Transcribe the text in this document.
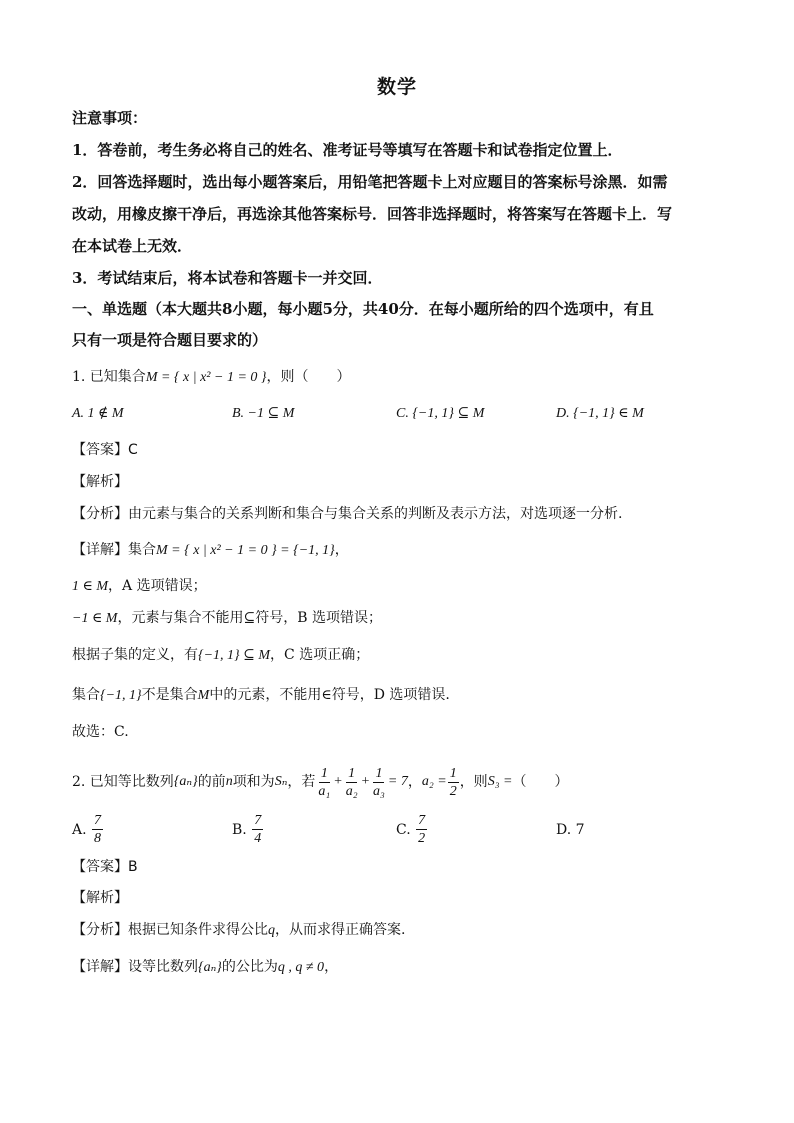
数学
注意事项：
1．答卷前，考生务必将自己的姓名、准考证号等填写在答题卡和试卷指定位置上．
2．回答选择题时，选出每小题答案后，用铅笔把答题卡上对应题目的答案标号涂黑．如需
改动，用橡皮擦干净后，再选涂其他答案标号．回答非选择题时，将答案写在答题卡上．写
在本试卷上无效．
3．考试结束后，将本试卷和答题卡一并交回．
一、单选题（本大题共8小题，每小题5分，共40分．在每小题所给的四个选项中，有且
只有一项是符合题目要求的）
1. 已知集合M = { x | x² − 1 = 0 }，则（　　）
A. 1 ∉ M	B. −1 ⊆ M	C. {−1, 1} ⊆ M	D. {−1, 1} ∈ M
【答案】C
【解析】
【分析】由元素与集合的关系判断和集合与集合关系的判断及表示方法，对选项逐一分析.
【详解】集合M = { x | x² − 1 = 0 } = {−1, 1}，
1 ∈ M，A 选项错误；
−1 ∈ M，元素与集合不能用⊆符号，B 选项错误；
根据子集的定义，有{−1, 1} ⊆ M，C 选项正确；
集合{−1, 1}不是集合M中的元素，不能用∈符号，D 选项错误.
故选：C.
2. 已知等比数列 {aₙ} 的前 n 项和为 Sₙ ，若 $\frac{1}{\text{a₁}} + \frac{1}{\text{a₂}} + \frac{1}{\text{a₃}} = 7$ ， $a_2 = \frac{1}{2}$ ，则 S₃ = （　　）
A.
$\frac{7}{8}$	B.
$\frac{7}{4}$	C.
$\frac{7}{2}$	D. 7
【答案】B
【解析】
【分析】根据已知条件求得公比q，从而求得正确答案.
【详解】设等比数列{aₙ}的公比为q , q ≠ 0，
